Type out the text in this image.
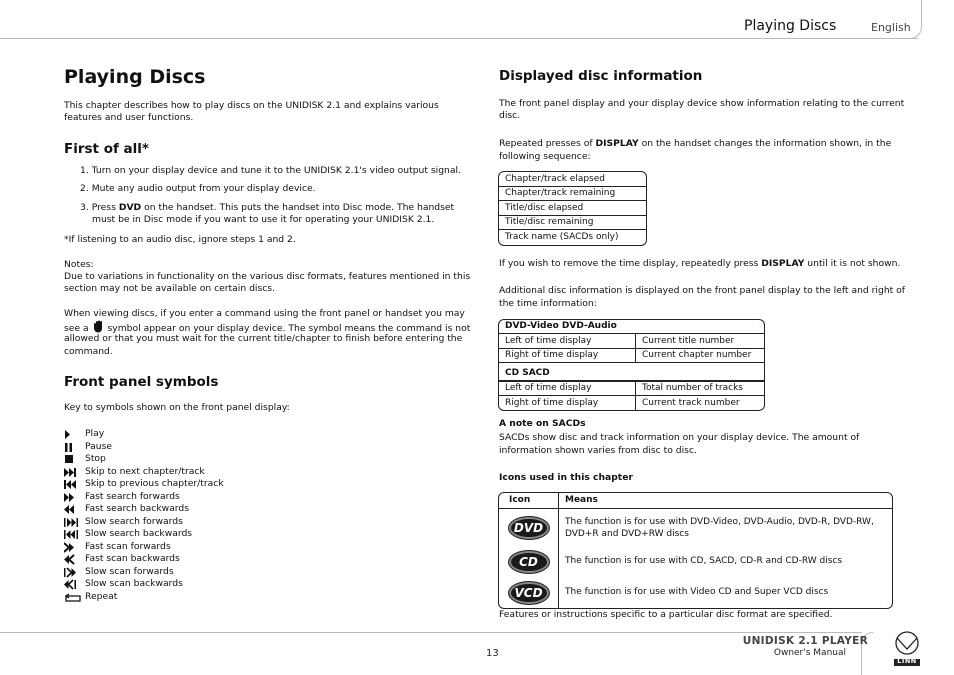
Playing Discs	English
Playing Discs
This chapter describes how to play discs on the UNIDISK 2.1 and explains various
features and user functions.
First of all*
1. Turn on your display device and tune it to the UNIDISK 2.1's video output signal.
2. Mute any audio output from your display device.
3. Press DVD on the handset. This puts the handset into Disc mode. The handset
must be in Disc mode if you want to use it for operating your UNIDISK 2.1.
*If listening to an audio disc, ignore steps 1 and 2.
Notes:
Due to variations in functionality on the various disc formats, features mentioned in this
section may not be available on certain discs.
When viewing discs, if you enter a command using the front panel or handset you may
see a symbol appear on your display device. The symbol means the command is not
allowed or that you must wait for the current title/chapter to finish before entering the
command.
Front panel symbols
Key to symbols shown on the front panel display:
Play
Pause
Stop
Skip to next chapter/track
Skip to previous chapter/track
Fast search forwards
Fast search backwards
Slow search forwards
Slow search backwards
Fast scan forwards
Fast scan backwards
Slow scan forwards
Slow scan backwards
Repeat
Displayed disc information
The front panel display and your display device show information relating to the current
disc.
Repeated presses of DISPLAY on the handset changes the information shown, in the
following sequence:
Chapter/track elapsed
Chapter/track remaining
Title/disc elapsed
Title/disc remaining
Track name (SACDs only)
If you wish to remove the time display, repeatedly press DISPLAY until it is not shown.
Additional disc information is displayed on the front panel display to the left and right of
the time information:
DVD-Video DVD-Audio	
Left of time display	Current title number
Right of time display	Current chapter number
CD SACD	
Left of time display	Total number of tracks
Right of time display	Current track number
A note on SACDs
SACDs show disc and track information on your display device. The amount of
information shown varies from disc to disc.
Icons used in this chapter
Icon	Means
DVD	The function is for use with DVD-Video, DVD-Audio, DVD-R, DVD-RW,
DVD+R and DVD+RW discs

CD	The function is for use with CD, SACD, CD-R and CD-RW discs
VCD	The function is for use with Video CD and Super VCD discs
Features or instructions specific to a particular disc format are specified.
13
UNIDISK 2.1 PLAYER
Owner's Manual
LINN
